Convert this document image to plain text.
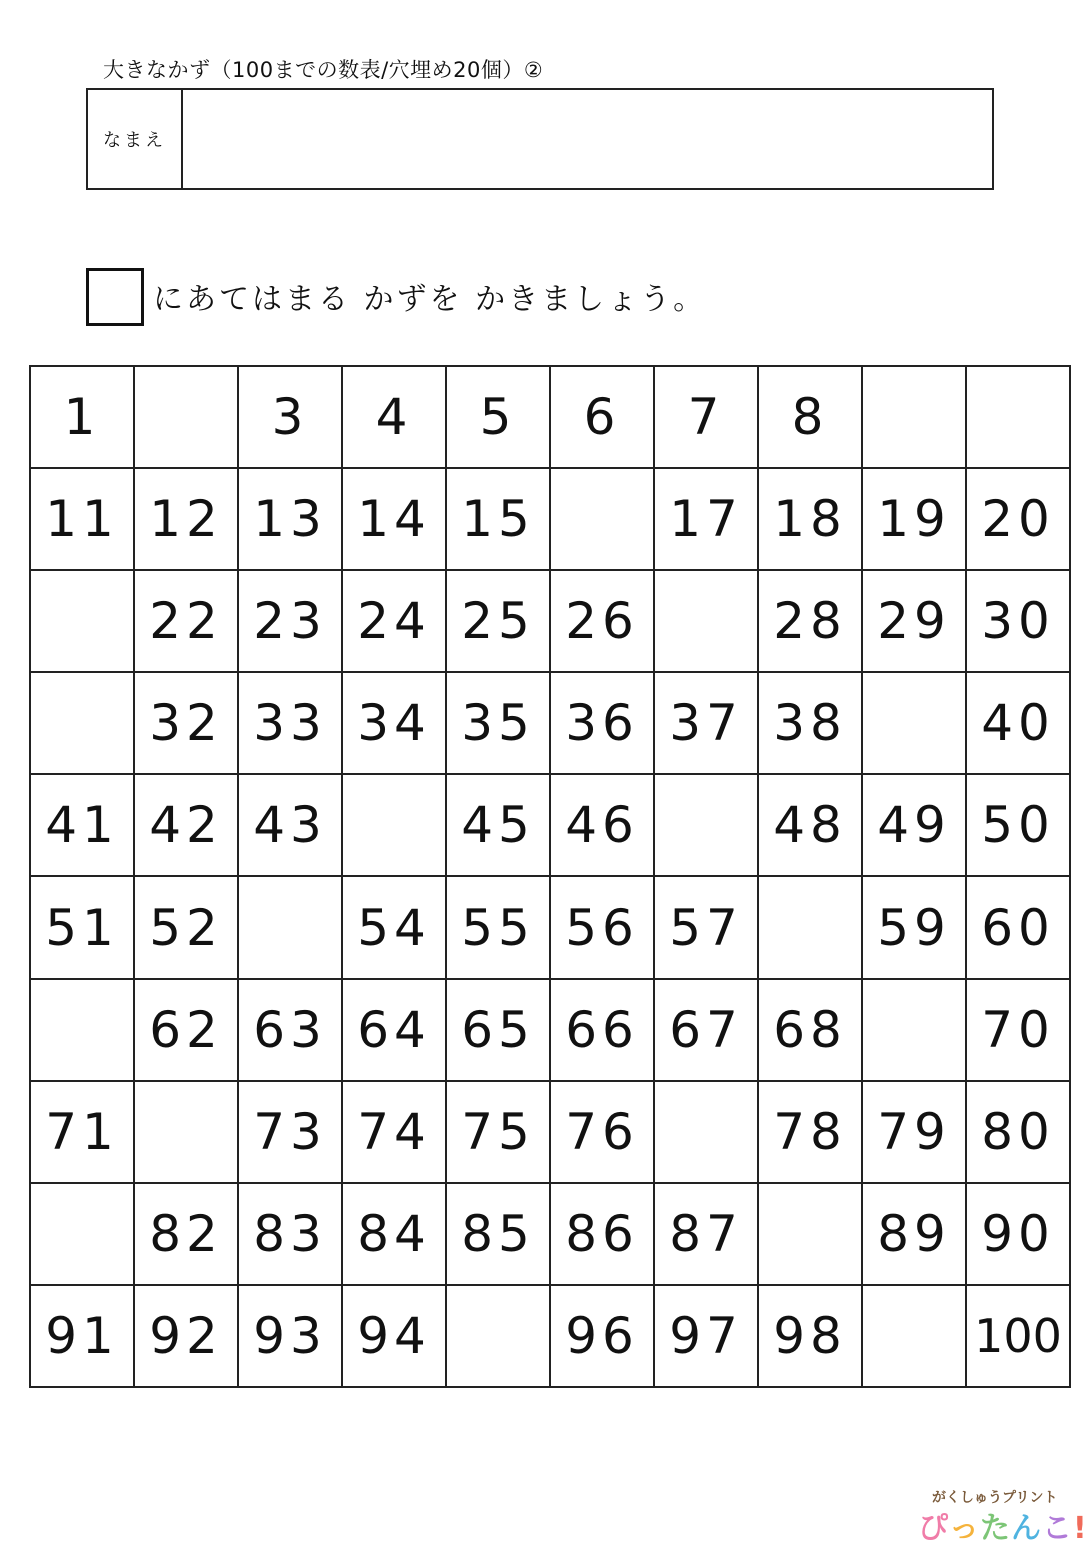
大きなかず（100までの数表/穴埋め20個）②
なまえ
にあてはまる かずを かきましょう。
1		3	4	5	6	7	8		
11	12	13	14	15		17	18	19	20
	22	23	24	25	26		28	29	30
	32	33	34	35	36	37	38		40
41	42	43		45	46		48	49	50
51	52		54	55	56	57		59	60
	62	63	64	65	66	67	68		70
71		73	74	75	76		78	79	80
	82	83	84	85	86	87		89	90
91	92	93	94		96	97	98		100
がくしゅうプリント
ぴったんこ!
